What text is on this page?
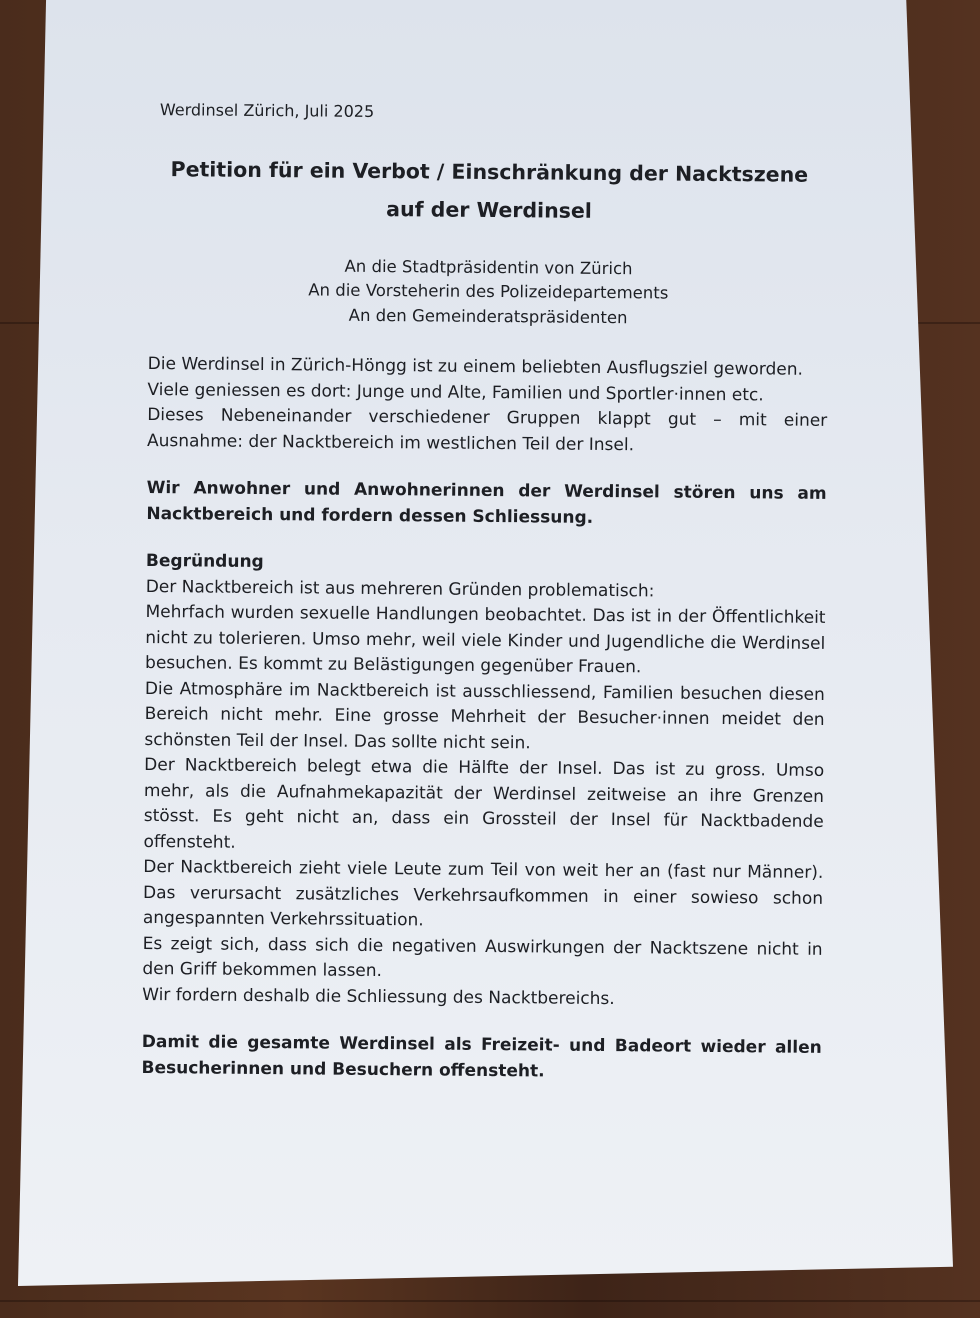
Werdinsel Zürich, Juli 2025
Petition für ein Verbot / Einschränkung der Nacktszene
auf der Werdinsel
An die Stadtpräsidentin von Zürich
An die Vorsteherin des Polizeidepartements
An den Gemeinderatspräsidenten

Die Werdinsel in Zürich-Höngg ist zu einem beliebten Ausflugsziel geworden.

Viele geniessen es dort: Junge und Alte, Familien und Sportler·innen etc.

Dieses Nebeneinander verschiedener Gruppen klappt gut – mit einer Ausnahme: der Nacktbereich im westlichen Teil der Insel.

Wir Anwohner und Anwohnerinnen der Werdinsel stören uns am Nacktbereich und fordern dessen Schliessung.

Begründung

Der Nacktbereich ist aus mehreren Gründen problematisch:

Mehrfach wurden sexuelle Handlungen beobachtet. Das ist in der Öffentlichkeit nicht zu tolerieren. Umso mehr, weil viele Kinder und Jugendliche die Werdinsel besuchen. Es kommt zu Belästigungen gegenüber Frauen.

Die Atmosphäre im Nacktbereich ist ausschliessend, Familien besuchen diesen Bereich nicht mehr. Eine grosse Mehrheit der Besucher·innen meidet den schönsten Teil der Insel. Das sollte nicht sein.

Der Nacktbereich belegt etwa die Hälfte der Insel. Das ist zu gross. Umso mehr, als die Aufnahmekapazität der Werdinsel zeitweise an ihre Grenzen stösst. Es geht nicht an, dass ein Grossteil der Insel für Nacktbadende offensteht.

Der Nacktbereich zieht viele Leute zum Teil von weit her an (fast nur Männer). Das verursacht zusätzliches Verkehrsaufkommen in einer sowieso schon angespannten Verkehrssituation.

Es zeigt sich, dass sich die negativen Auswirkungen der Nacktszene nicht in den Griff bekommen lassen.

Wir fordern deshalb die Schliessung des Nacktbereichs.

Damit die gesamte Werdinsel als Freizeit- und Badeort wieder allen Besucherinnen und Besuchern offensteht.
